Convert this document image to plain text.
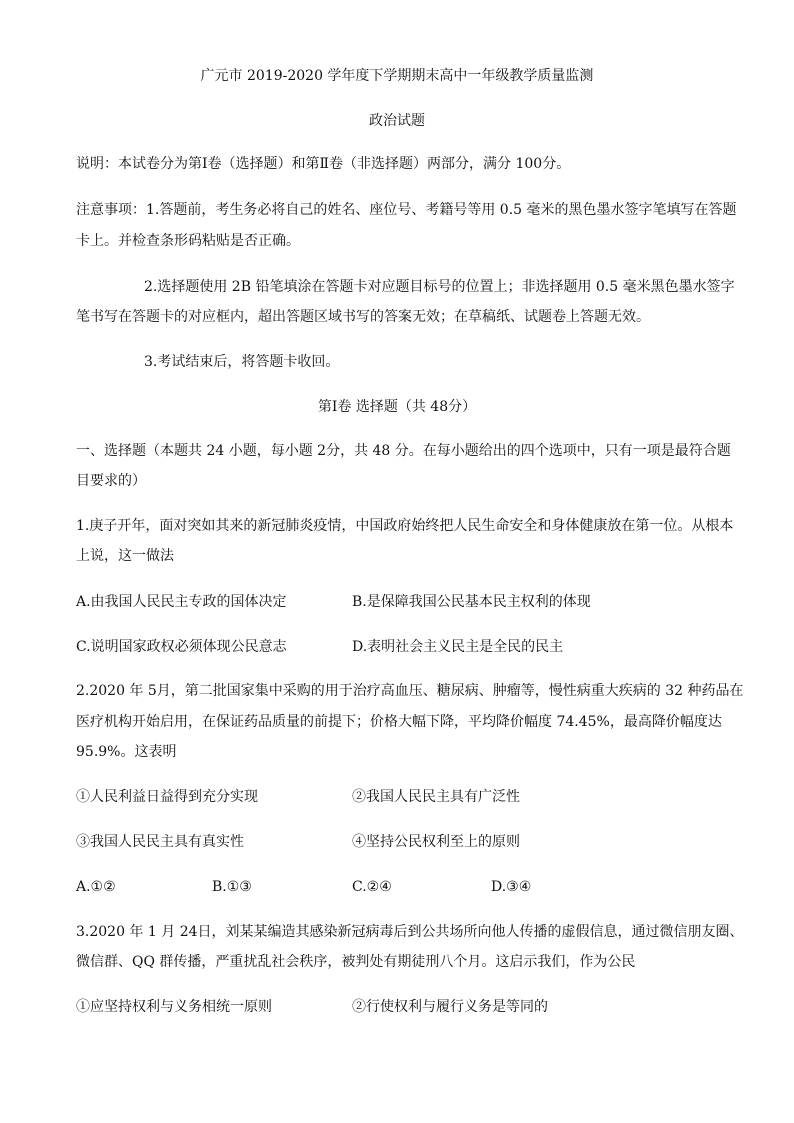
广元市 2019-2020 学年度下学期期末高中一年级教学质量监测
政治试题
说明：本试卷分为第Ⅰ卷（选择题）和第Ⅱ卷（非选择题）两部分，满分 100分。
注意事项：1.答题前，考生务必将自己的姓名、座位号、考籍号等用 0.5 毫米的黑色墨水签字笔填写在答题
卡上。并检查条形码粘贴是否正确。
2.选择题使用 2B 铅笔填涂在答题卡对应题目标号的位置上；非选择题用 0.5 毫米黑色墨水签字
笔书写在答题卡的对应框内，超出答题区域书写的答案无效；在草稿纸、试题卷上答题无效。
3.考试结束后，将答题卡收回。
第Ⅰ卷 选择题（共 48分）
一、选择题（本题共 24 小题，每小题 2分，共 48 分。在每小题给出的四个选项中，只有一项是最符合题
目要求的）
1.庚子开年，面对突如其来的新冠肺炎疫情，中国政府始终把人民生命安全和身体健康放在第一位。从根本
上说，这一做法
A.由我国人民民主专政的国体决定	B.是保障我国公民基本民主权利的体现
C.说明国家政权必须体现公民意志	D.表明社会主义民主是全民的民主
2.2020 年 5月，第二批国家集中采购的用于治疗高血压、糖尿病、肿瘤等，慢性病重大疾病的 32 种药品在
医疗机构开始启用，在保证药品质量的前提下；价格大幅下降，平均降价幅度 74.45%，最高降价幅度达
95.9%。这表明
①人民利益日益得到充分实现	②我国人民民主具有广泛性
③我国人民民主具有真实性	④坚持公民权利至上的原则
A.①②	B.①③	C.②④	D.③④
3.2020 年 1 月 24日，刘某某编造其感染新冠病毒后到公共场所向他人传播的虚假信息，通过微信朋友圈、
微信群、QQ 群传播，严重扰乱社会秩序，被判处有期徒刑八个月。这启示我们，作为公民
①应坚持权利与义务相统一原则	②行使权利与履行义务是等同的
